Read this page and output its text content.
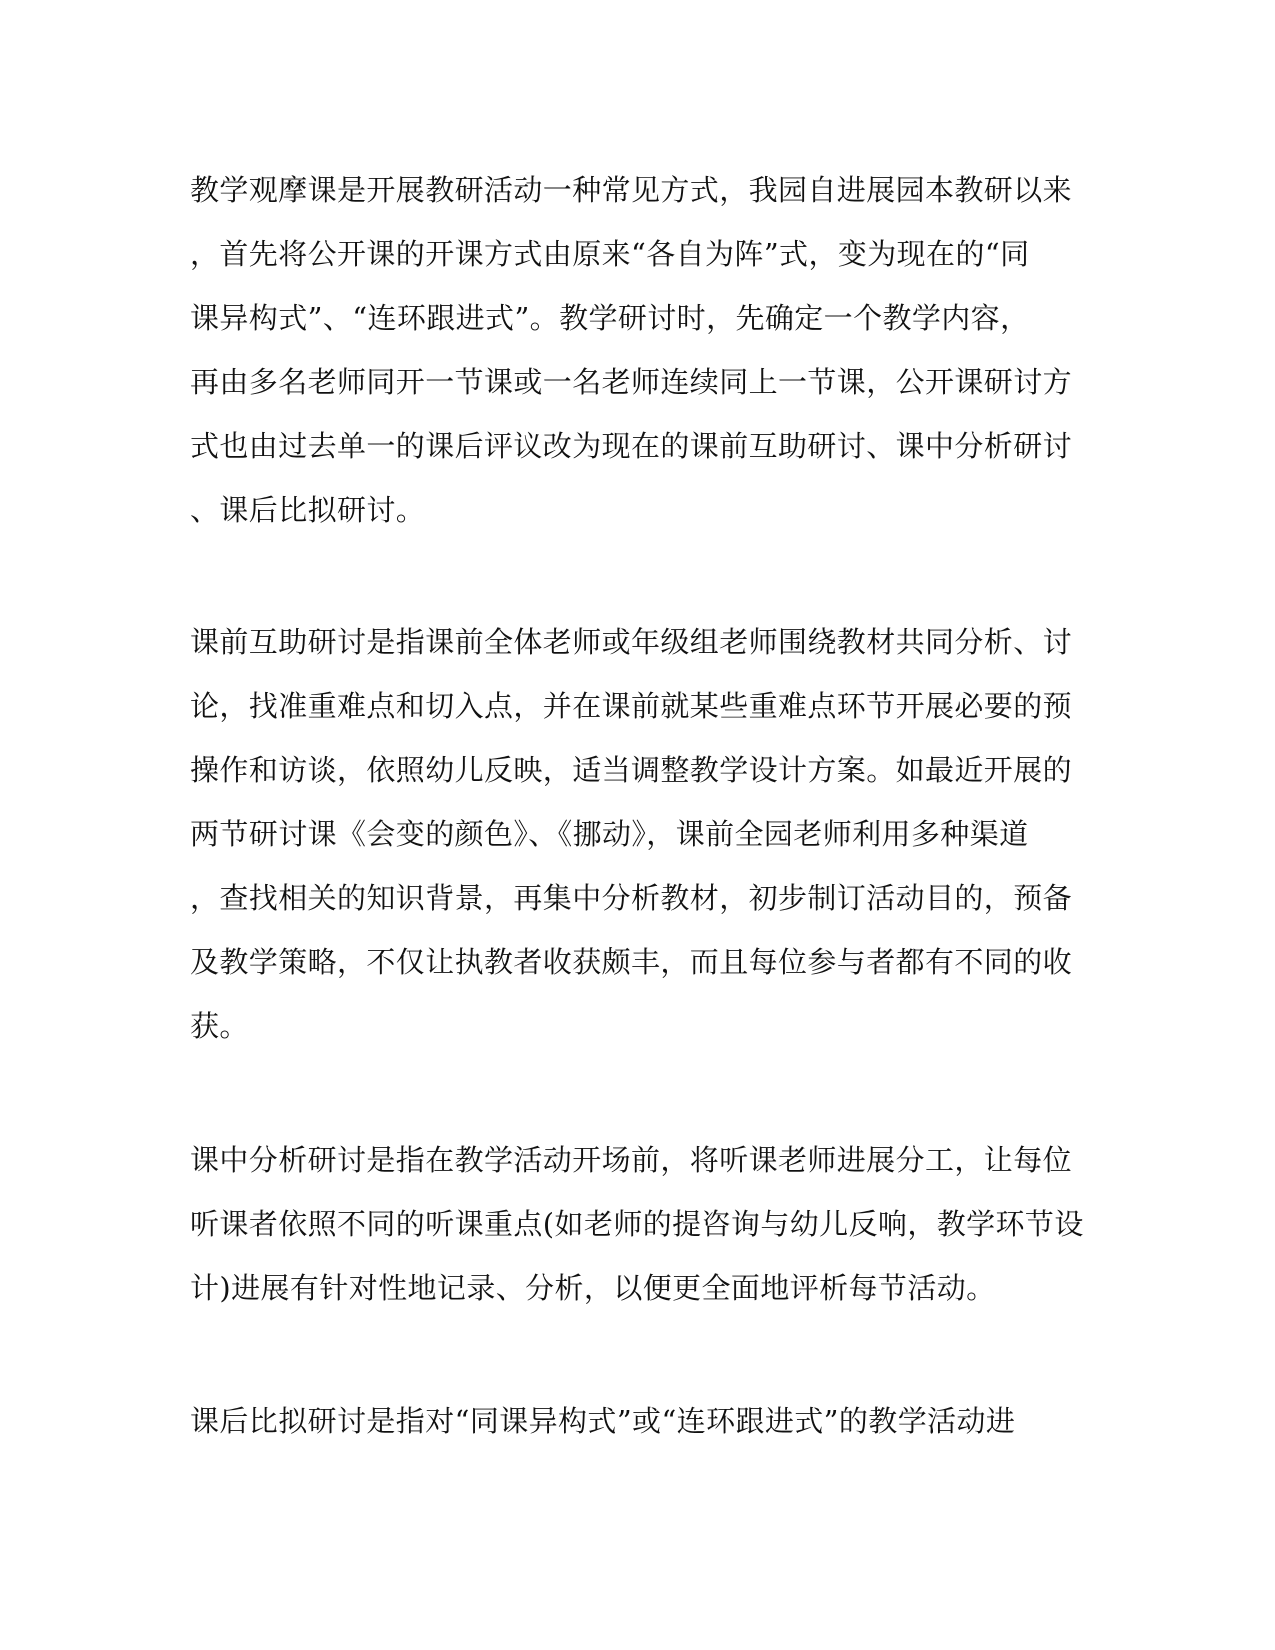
教学观摩课是开展教研活动一种常见方式，我园自进展园本教研以来
，首先将公开课的开课方式由原来“各自为阵”式，变为现在的“同
课异构式”、“连环跟进式”。教学研讨时，先确定一个教学内容，
再由多名老师同开一节课或一名老师连续同上一节课，公开课研讨方
式也由过去单一的课后评议改为现在的课前互助研讨、课中分析研讨
、课后比拟研讨。

课前互助研讨是指课前全体老师或年级组老师围绕教材共同分析、讨
论，找准重难点和切入点，并在课前就某些重难点环节开展必要的预
操作和访谈，依照幼儿反映，适当调整教学设计方案。如最近开展的
两节研讨课《会变的颜色》、《挪动》，课前全园老师利用多种渠道
，查找相关的知识背景，再集中分析教材，初步制订活动目的，预备
及教学策略，不仅让执教者收获颇丰，而且每位参与者都有不同的收
获。

课中分析研讨是指在教学活动开场前，将听课老师进展分工，让每位
听课者依照不同的听课重点(如老师的提咨询与幼儿反响，教学环节设
计)进展有针对性地记录、分析，以便更全面地评析每节活动。

课后比拟研讨是指对“同课异构式”或“连环跟进式”的教学活动进
